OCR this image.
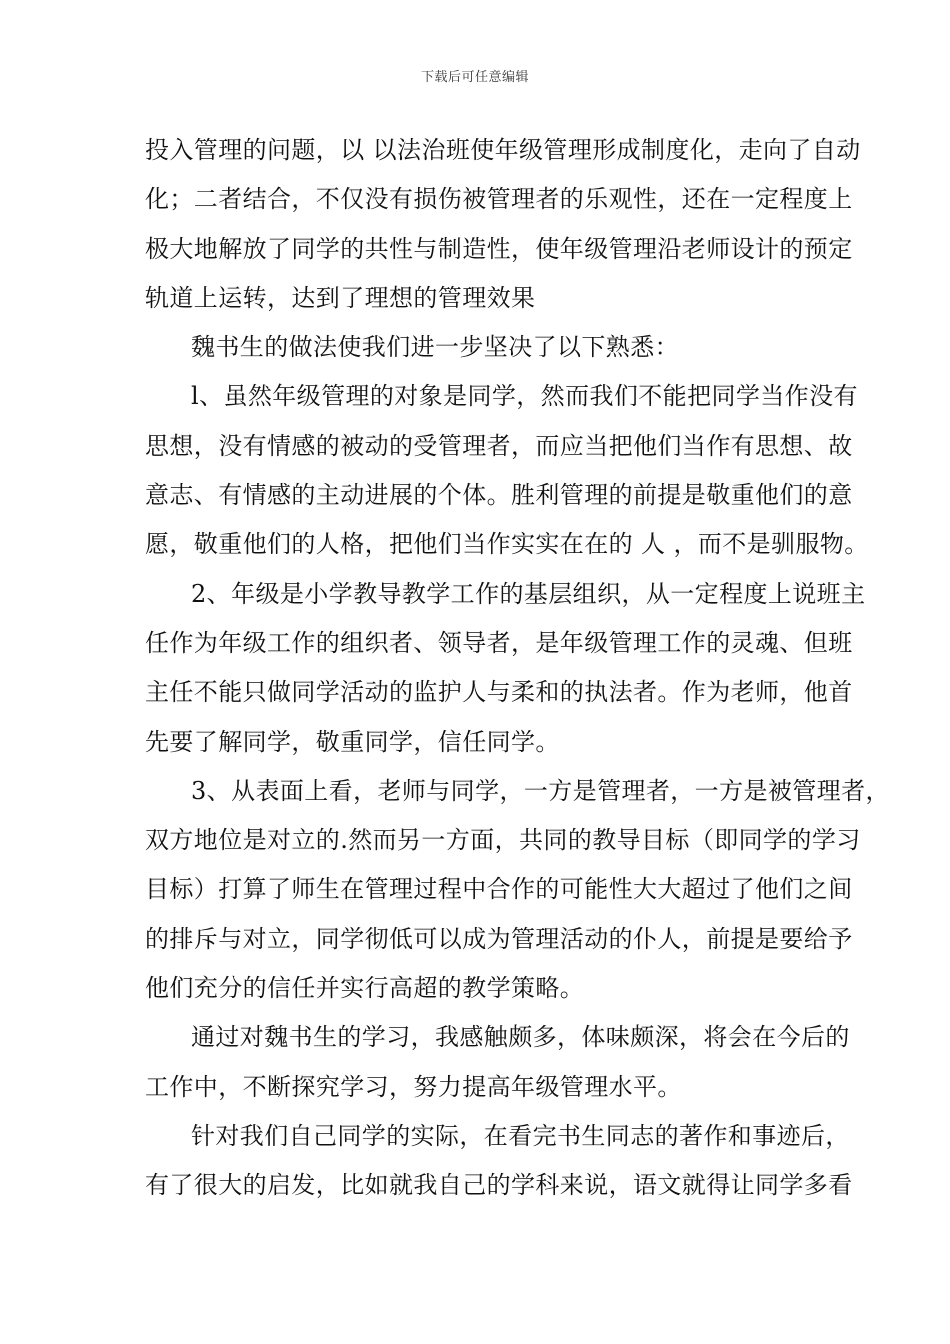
下载后可任意编辑
投入管理的问题，以 以法治班使年级管理形成制度化，走向了自动
化；二者结合，不仅没有损伤被管理者的乐观性，还在一定程度上
极大地解放了同学的共性与制造性，使年级管理沿老师设计的预定
轨道上运转，达到了理想的管理效果
魏书生的做法使我们进一步坚决了以下熟悉：
l、虽然年级管理的对象是同学，然而我们不能把同学当作没有
思想，没有情感的被动的受管理者，而应当把他们当作有思想、故
意志、有情感的主动进展的个体。胜利管理的前提是敬重他们的意
愿，敬重他们的人格，把他们当作实实在在的 人 ，而不是驯服物。
2、年级是小学教导教学工作的基层组织，从一定程度上说班主
任作为年级工作的组织者、领导者，是年级管理工作的灵魂、但班
主任不能只做同学活动的监护人与柔和的执法者。作为老师，他首
先要了解同学，敬重同学，信任同学。
3、从表面上看，老师与同学，一方是管理者，一方是被管理者，
双方地位是对立的.然而另一方面，共同的教导目标（即同学的学习
目标）打算了师生在管理过程中合作的可能性大大超过了他们之间
的排斥与对立，同学彻低可以成为管理活动的仆人，前提是要给予
他们充分的信任并实行高超的教学策略。
通过对魏书生的学习，我感触颇多，体味颇深，将会在今后的
工作中，不断探究学习，努力提高年级管理水平。
针对我们自己同学的实际，在看完书生同志的著作和事迹后，
有了很大的启发，比如就我自己的学科来说，语文就得让同学多看
